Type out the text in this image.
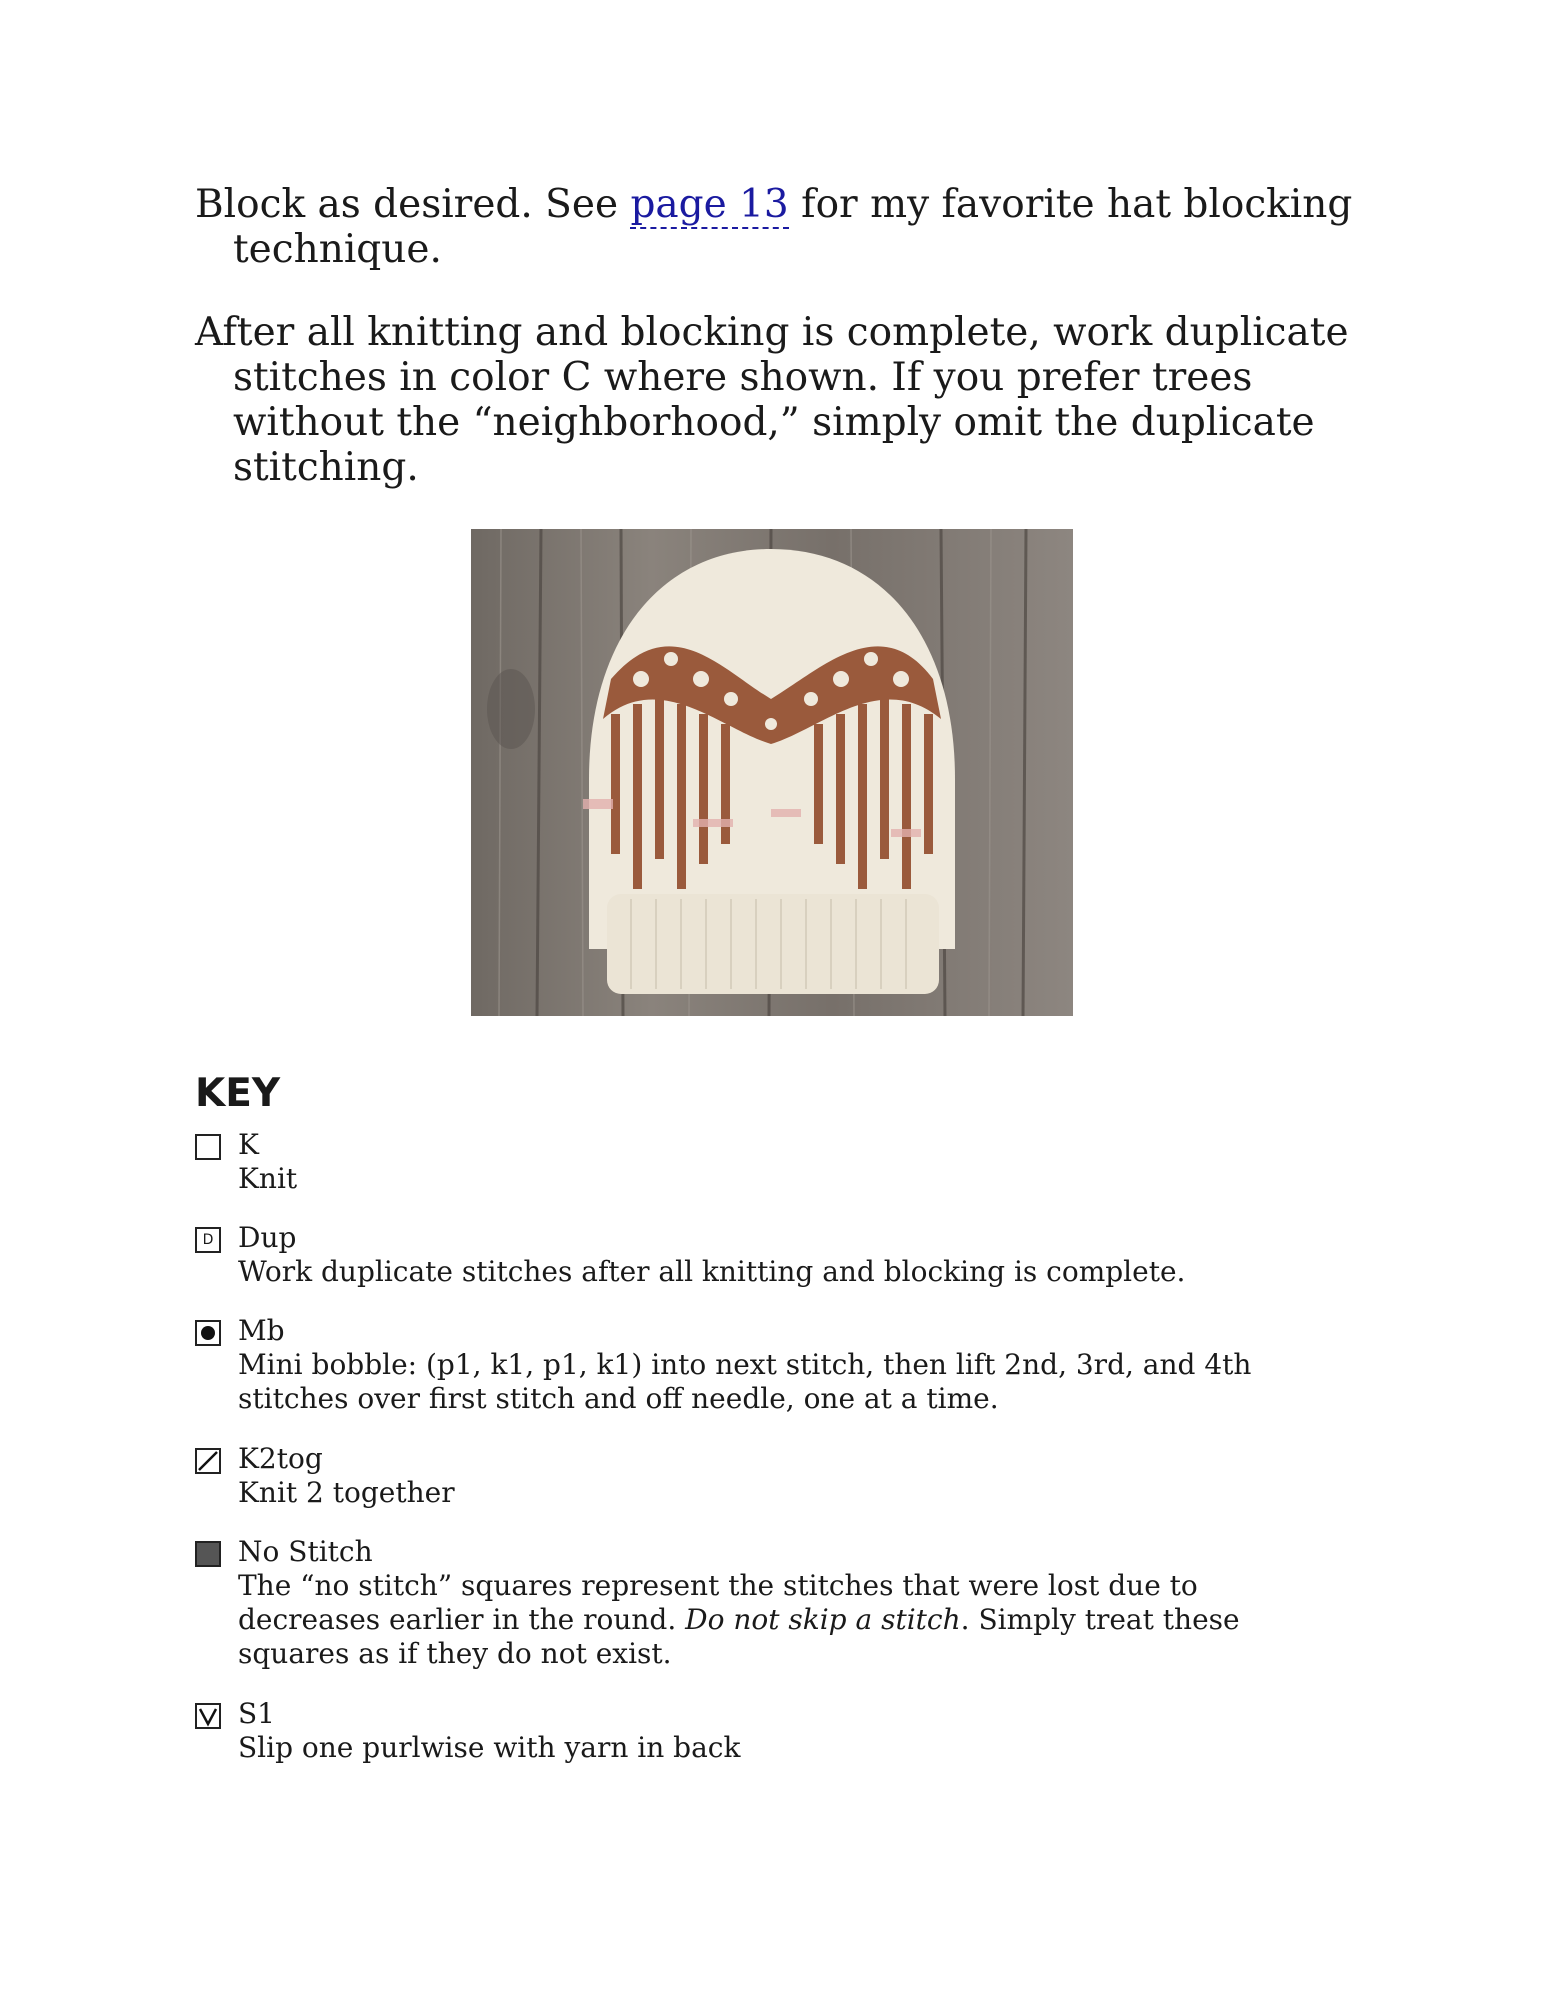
Block as desired. See page 13 for my favorite hat blocking technique.

After all knitting and blocking is complete, work duplicate stitches in color C where shown. If you prefer trees without the “neighborhood,” simply omit the duplicate stitching.

KEY
K

Knit

D Dup

Work duplicate stitches after all knitting and blocking is complete.

Mb

Mini bobble: (p1, k1, p1, k1) into next stitch, then lift 2nd, 3rd, and 4th stitches over first stitch and off needle, one at a time.

K2tog

Knit 2 together

No Stitch

The “no stitch” squares represent the stitches that were lost due to decreases earlier in the round. Do not skip a stitch. Simply treat these squares as if they do not exist.

S1

Slip one purlwise with yarn in back
